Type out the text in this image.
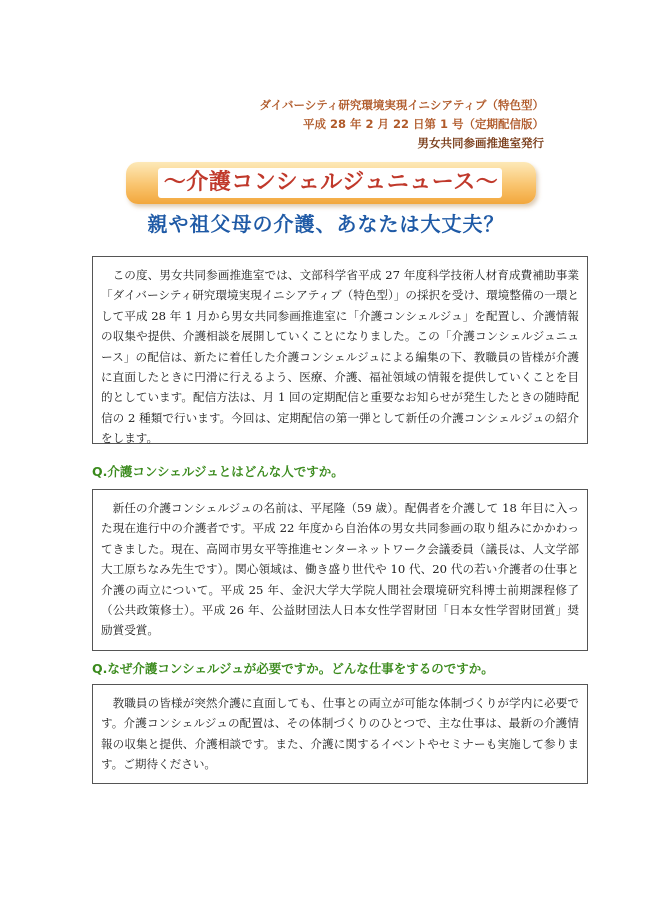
ダイバーシティ研究環境実現イニシアティブ（特色型）
平成 28 年 2 月 22 日第 1 号（定期配信版）
男女共同参画推進室発行
～介護コンシェルジュニュース～
親や祖父母の介護、あなたは大丈夫？
この度、男女共同参画推進室では、文部科学省平成 27 年度科学技術人材育成費補助事業「ダイバーシティ研究環境実現イニシアティブ（特色型）」の採択を受け、環境整備の一環として平成 28 年 1 月から男女共同参画推進室に「介護コンシェルジュ」を配置し、介護情報の収集や提供、介護相談を展開していくことになりました。この「介護コンシェルジュニュース」の配信は、新たに着任した介護コンシェルジュによる編集の下、教職員の皆様が介護に直面したときに円滑に行えるよう、医療、介護、福祉領域の情報を提供していくことを目的としています。配信方法は、月 1 回の定期配信と重要なお知らせが発生したときの随時配信の 2 種類で行います。今回は、定期配信の第一弾として新任の介護コンシェルジュの紹介をします。
Q.介護コンシェルジュとはどんな人ですか。
新任の介護コンシェルジュの名前は、平尾隆（59 歳）。配偶者を介護して 18 年目に入った現在進行中の介護者です。平成 22 年度から自治体の男女共同参画の取り組みにかかわってきました。現在、高岡市男女平等推進センターネットワーク会議委員（議長は、人文学部大工原ちなみ先生です）。関心領域は、働き盛り世代や 10 代、20 代の若い介護者の仕事と介護の両立について。平成 25 年、金沢大学大学院人間社会環境研究科博士前期課程修了（公共政策修士）。平成 26 年、公益財団法人日本女性学習財団「日本女性学習財団賞」奨励賞受賞。
Q.なぜ介護コンシェルジュが必要ですか。どんな仕事をするのですか。
教職員の皆様が突然介護に直面しても、仕事との両立が可能な体制づくりが学内に必要です。介護コンシェルジュの配置は、その体制づくりのひとつで、主な仕事は、最新の介護情報の収集と提供、介護相談です。また、介護に関するイベントやセミナーも実施して参ります。ご期待ください。
